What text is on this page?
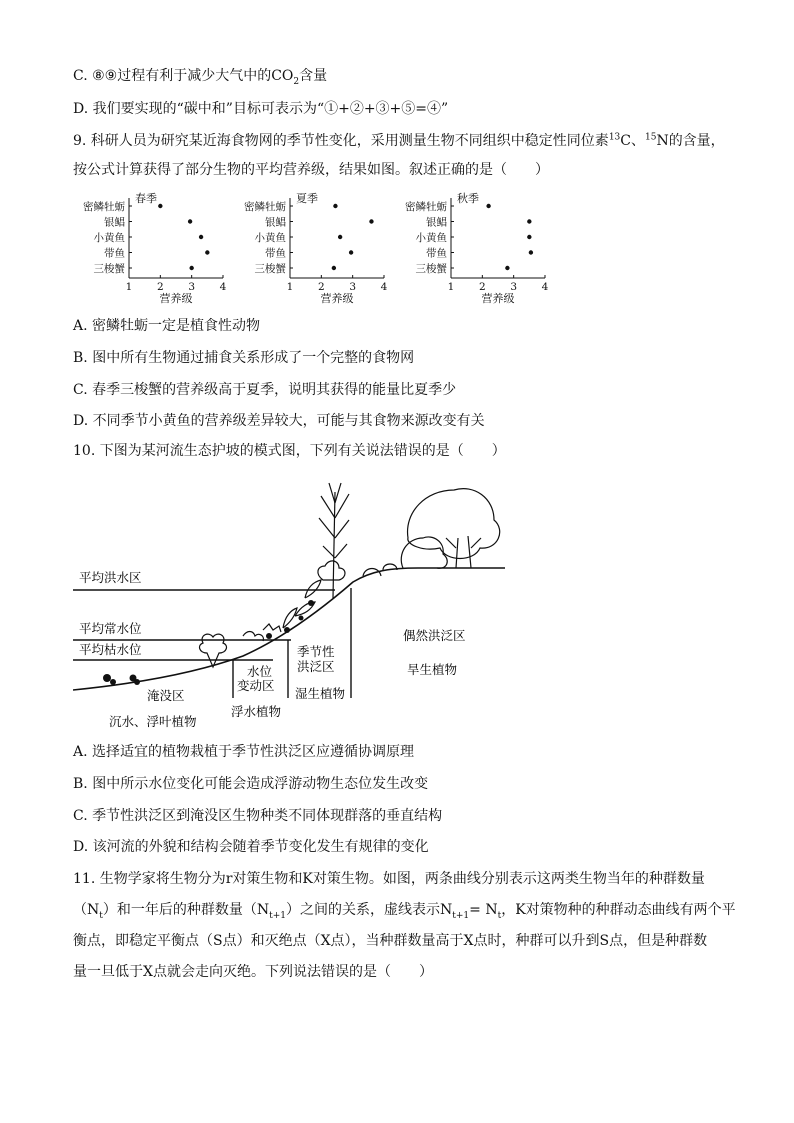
C. ⑧⑨过程有利于减少大气中的$CO_2$含量
D. 我们要实现的“碳中和”目标可表示为“①+②+③+⑤=④”
9. 科研人员为研究某近海食物网的季节性变化，采用测量生物不同组织中稳定性同位素$^{13}$C、$^{15}$N的含量，
按公式计算获得了部分生物的平均营养级，结果如图。叙述正确的是（　　）
春季
密鳞牡蛎
银鲳
小黄鱼
带鱼
三梭蟹
1 2 3 4
营养级
夏季
密鳞牡蛎
银鲳
小黄鱼
带鱼
三梭蟹
1 2 3 4
营养级
秋季
密鳞牡蛎
银鲳
小黄鱼
带鱼
三梭蟹
1 2 3 4
营养级
A. 密鳞牡蛎一定是植食性动物
B. 图中所有生物通过捕食关系形成了一个完整的食物网
C. 春季三梭蟹的营养级高于夏季，说明其获得的能量比夏季少
D. 不同季节小黄鱼的营养级差异较大，可能与其食物来源改变有关
10. 下图为某河流生态护坡的模式图，下列有关说法错误的是（　　）
平均洪水区
平均常水位
平均枯水位
淹没区
水位
变动区
季节性
洪泛区
偶然洪泛区
沉水、浮叶植物
浮水植物
湿生植物
旱生植物
A. 选择适宜的植物栽植于季节性洪泛区应遵循协调原理
B. 图中所示水位变化可能会造成浮游动物生态位发生改变
C. 季节性洪泛区到淹没区生物种类不同体现群落的垂直结构
D. 该河流的外貌和结构会随着季节变化发生有规律的变化
11. 生物学家将生物分为r对策生物和K对策生物。如图，两条曲线分别表示这两类生物当年的种群数量
$(N_t)$和一年后的种群数量$(N_{t+1})$之间的关系，虚线表示$N_{t+1}= N_t$，K对策物种的种群动态曲线有两个平
衡点，即稳定平衡点（S点）和灭绝点（X点），当种群数量高于X点时，种群可以升到S点，但是种群数
量一旦低于X点就会走向灭绝。下列说法错误的是（　　）
